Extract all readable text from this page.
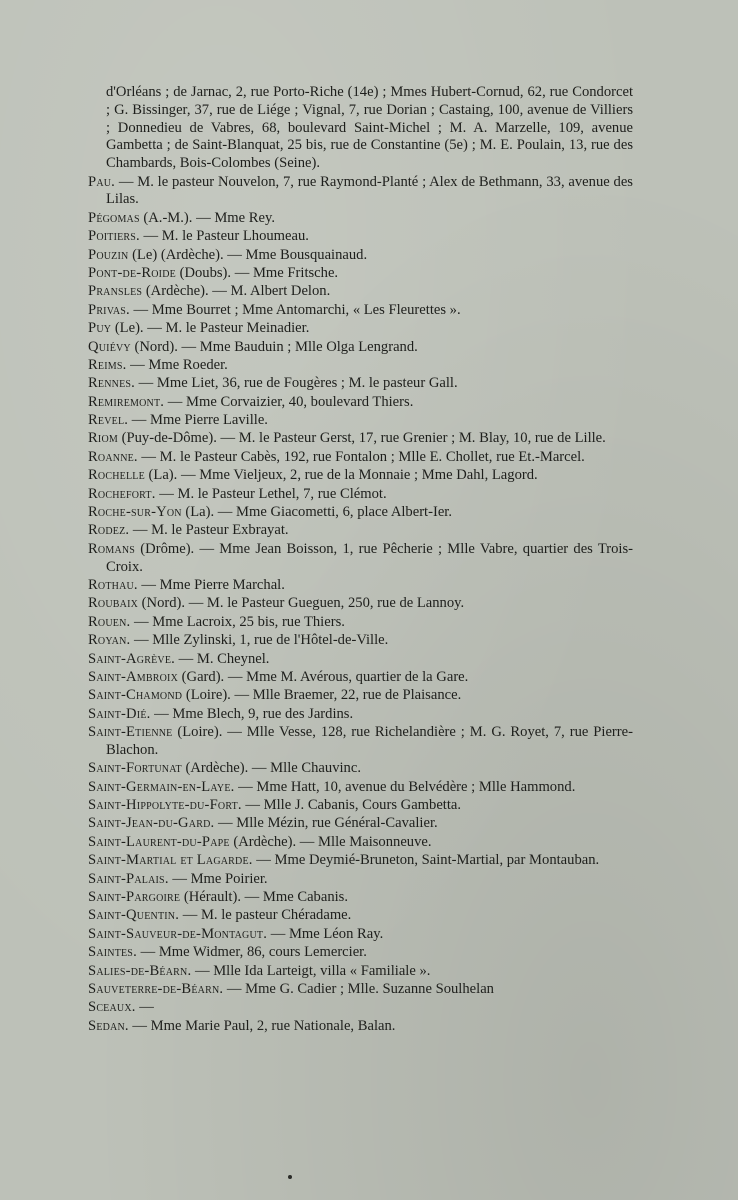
d'Orléans ; de Jarnac, 2, rue Porto-Riche (14e) ; Mmes Hubert-Cornud, 62, rue Condorcet ; G. Bissinger, 37, rue de Liége ; Vignal, 7, rue Dorian ; Castaing, 100, avenue de Villiers ; Donnedieu de Vabres, 68, boulevard Saint-Michel ; M. A. Marzelle, 109, avenue Gambetta ; de Saint-Blanquat, 25 bis, rue de Constantine (5e) ; M. E. Poulain, 13, rue des Chambards, Bois-Colombes (Seine).

Pau. — M. le pasteur Nouvelon, 7, rue Raymond-Planté ; Alex de Bethmann, 33, avenue des Lilas.

Pégomas (A.-M.). — Mme Rey.

Poitiers. — M. le Pasteur Lhoumeau.

Pouzin (Le) (Ardèche). — Mme Bousquainaud.

Pont-de-Roide (Doubs). — Mme Fritsche.

Pransles (Ardèche). — M. Albert Delon.

Privas. — Mme Bourret ; Mme Antomarchi, « Les Fleurettes ».

Puy (Le). — M. le Pasteur Meinadier.

Quiévy (Nord). — Mme Bauduin ; Mlle Olga Lengrand.

Reims. — Mme Roeder.

Rennes. — Mme Liet, 36, rue de Fougères ; M. le pasteur Gall.

Remiremont. — Mme Corvaizier, 40, boulevard Thiers.

Revel. — Mme Pierre Laville.

Riom (Puy-de-Dôme). — M. le Pasteur Gerst, 17, rue Grenier ; M. Blay, 10, rue de Lille.

Roanne. — M. le Pasteur Cabès, 192, rue Fontalon ; Mlle E. Chollet, rue Et.-Marcel.

Rochelle (La). — Mme Vieljeux, 2, rue de la Monnaie ; Mme Dahl, Lagord.

Rochefort. — M. le Pasteur Lethel, 7, rue Clémot.

Roche-sur-Yon (La). — Mme Giacometti, 6, place Albert-Ier.

Rodez. — M. le Pasteur Exbrayat.

Romans (Drôme). — Mme Jean Boisson, 1, rue Pêcherie ; Mlle Vabre, quartier des Trois-Croix.

Rothau. — Mme Pierre Marchal.

Roubaix (Nord). — M. le Pasteur Gueguen, 250, rue de Lannoy.

Rouen. — Mme Lacroix, 25 bis, rue Thiers.

Royan. — Mlle Zylinski, 1, rue de l'Hôtel-de-Ville.

Saint-Agrève. — M. Cheynel.

Saint-Ambroix (Gard). — Mme M. Avérous, quartier de la Gare.

Saint-Chamond (Loire). — Mlle Braemer, 22, rue de Plaisance.

Saint-Dié. — Mme Blech, 9, rue des Jardins.

Saint-Etienne (Loire). — Mlle Vesse, 128, rue Richelandière ; M. G. Royet, 7, rue Pierre-Blachon.

Saint-Fortunat (Ardèche). — Mlle Chauvinc.

Saint-Germain-en-Laye. — Mme Hatt, 10, avenue du Belvédère ; Mlle Hammond.

Saint-Hippolyte-du-Fort. — Mlle J. Cabanis, Cours Gambetta.

Saint-Jean-du-Gard. — Mlle Mézin, rue Général-Cavalier.

Saint-Laurent-du-Pape (Ardèche). — Mlle Maisonneuve.

Saint-Martial et Lagarde. — Mme Deymié-Bruneton, Saint-Martial, par Montauban.

Saint-Palais. — Mme Poirier.

Saint-Pargoire (Hérault). — Mme Cabanis.

Saint-Quentin. — M. le pasteur Chéradame.

Saint-Sauveur-de-Montagut. — Mme Léon Ray.

Saintes. — Mme Widmer, 86, cours Lemercier.

Salies-de-Béarn. — Mlle Ida Larteigt, villa « Familiale ».

Sauveterre-de-Béarn. — Mme G. Cadier ; Mlle. Suzanne Soulhelan

Sceaux. —

Sedan. — Mme Marie Paul, 2, rue Nationale, Balan.
